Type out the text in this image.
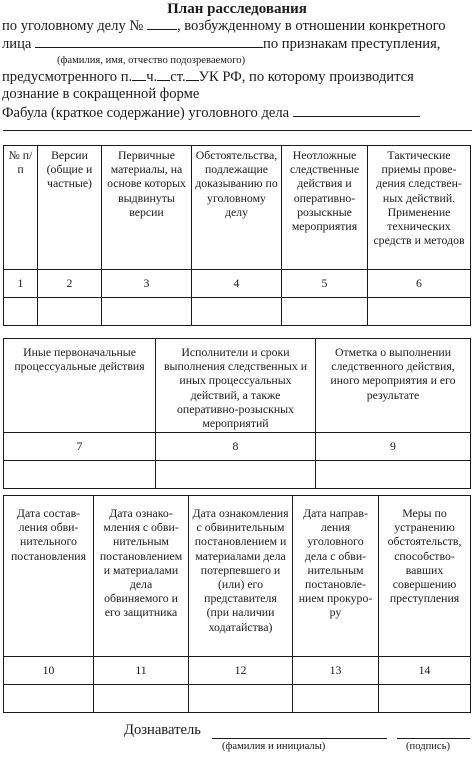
План расследования
по уголовному делу № , возбужденному в отношении конкретного
лица	по признакам преступления,
(фамилия, имя, отчество подозреваемого)
предусмотренного п. ч. ст. УК РФ, по которому производится
дознание в сокращенной форме
Фабула (краткое содержание) уголовного дела
№ п/п	Версии (общие и частные)	Первичные материалы, на основе которых выдвинуты версии	Обстоятельства, подлежащие доказыванию по уголовному делу	Неотложные следственные действия и оперативно-розыскные мероприятия	Тактические приемы проведения следственных действий. Применение технических средств и методов

1	2	3	4	5	6

Иные первоначальные процессуальные действия	Исполнители и сроки выполнения следственных и иных процессуальных действий, а также оперативно-розыскных мероприятий	Отметка о выполнении следственного действия, иного мероприятия и его результате

7	8	9

Дата составления обвинительного постановления	Дата ознакомления с обвинительным постановлением и материалами дела обвиняемого и его защитника	Дата ознакомления с обвинительным постановлением и материалами дела потерпевшего и (или) его представителя (при наличии ходатайства)	Дата направления уголовного дела с обвинительным постановлением прокурору	Меры по устранению обстоятельств, способствовавших совершению преступления

10	11	12	13	14

Дознаватель
(фамилия и инициалы)	(подпись)
